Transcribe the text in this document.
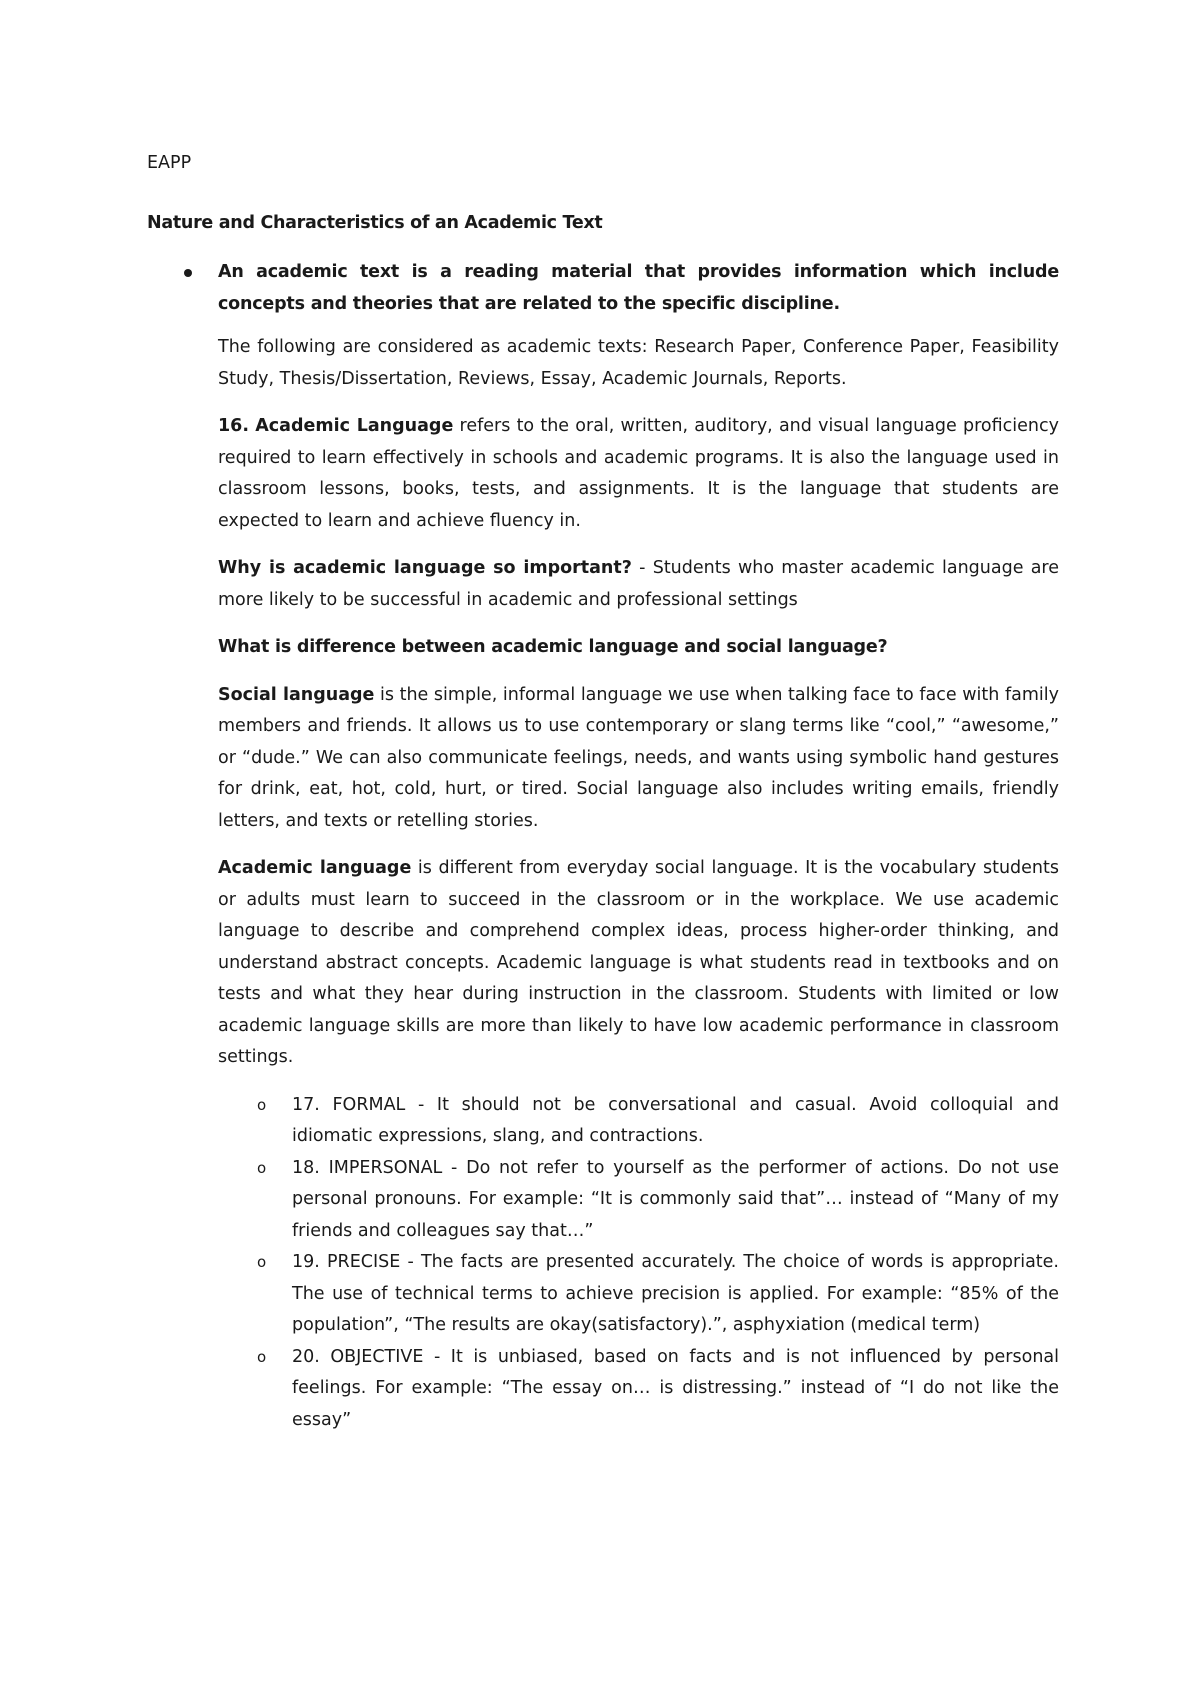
EAPP
Nature and Characteristics of an Academic Text
An academic text is a reading material that provides information which include concepts and theories that are related to the specific discipline.

The following are considered as academic texts: Research Paper, Conference Paper, Feasibility Study, Thesis/Dissertation, Reviews, Essay, Academic Journals, Reports.

16. Academic Language refers to the oral, written, auditory, and visual language proficiency required to learn effectively in schools and academic programs. It is also the language used in classroom lessons, books, tests, and assignments. It is the language that students are expected to learn and achieve fluency in.

Why is academic language so important? - Students who master academic language are more likely to be successful in academic and professional settings

What is difference between academic language and social language?

Social language is the simple, informal language we use when talking face to face with family members and friends. It allows us to use contemporary or slang terms like “cool,” “awesome,” or “dude.” We can also communicate feelings, needs, and wants using symbolic hand gestures for drink, eat, hot, cold, hurt, or tired. Social language also includes writing emails, friendly letters, and texts or retelling stories.

Academic language is different from everyday social language. It is the vocabulary students or adults must learn to succeed in the classroom or in the workplace. We use academic language to describe and comprehend complex ideas, process higher-order thinking, and understand abstract concepts. Academic language is what students read in textbooks and on tests and what they hear during instruction in the classroom. Students with limited or low academic language skills are more than likely to have low academic performance in classroom settings.

o 17. FORMAL - It should not be conversational and casual. Avoid colloquial and idiomatic expressions, slang, and contractions.
o 18. IMPERSONAL - Do not refer to yourself as the performer of actions. Do not use personal pronouns. For example: “It is commonly said that”… instead of “Many of my friends and colleagues say that…”
o 19. PRECISE - The facts are presented accurately. The choice of words is appropriate. The use of technical terms to achieve precision is applied. For example: “85% of the population”, “The results are okay(satisfactory).”, asphyxiation (medical term)
o 20. OBJECTIVE - It is unbiased, based on facts and is not influenced by personal feelings. For example: “The essay on… is distressing.” instead of “I do not like the essay”
